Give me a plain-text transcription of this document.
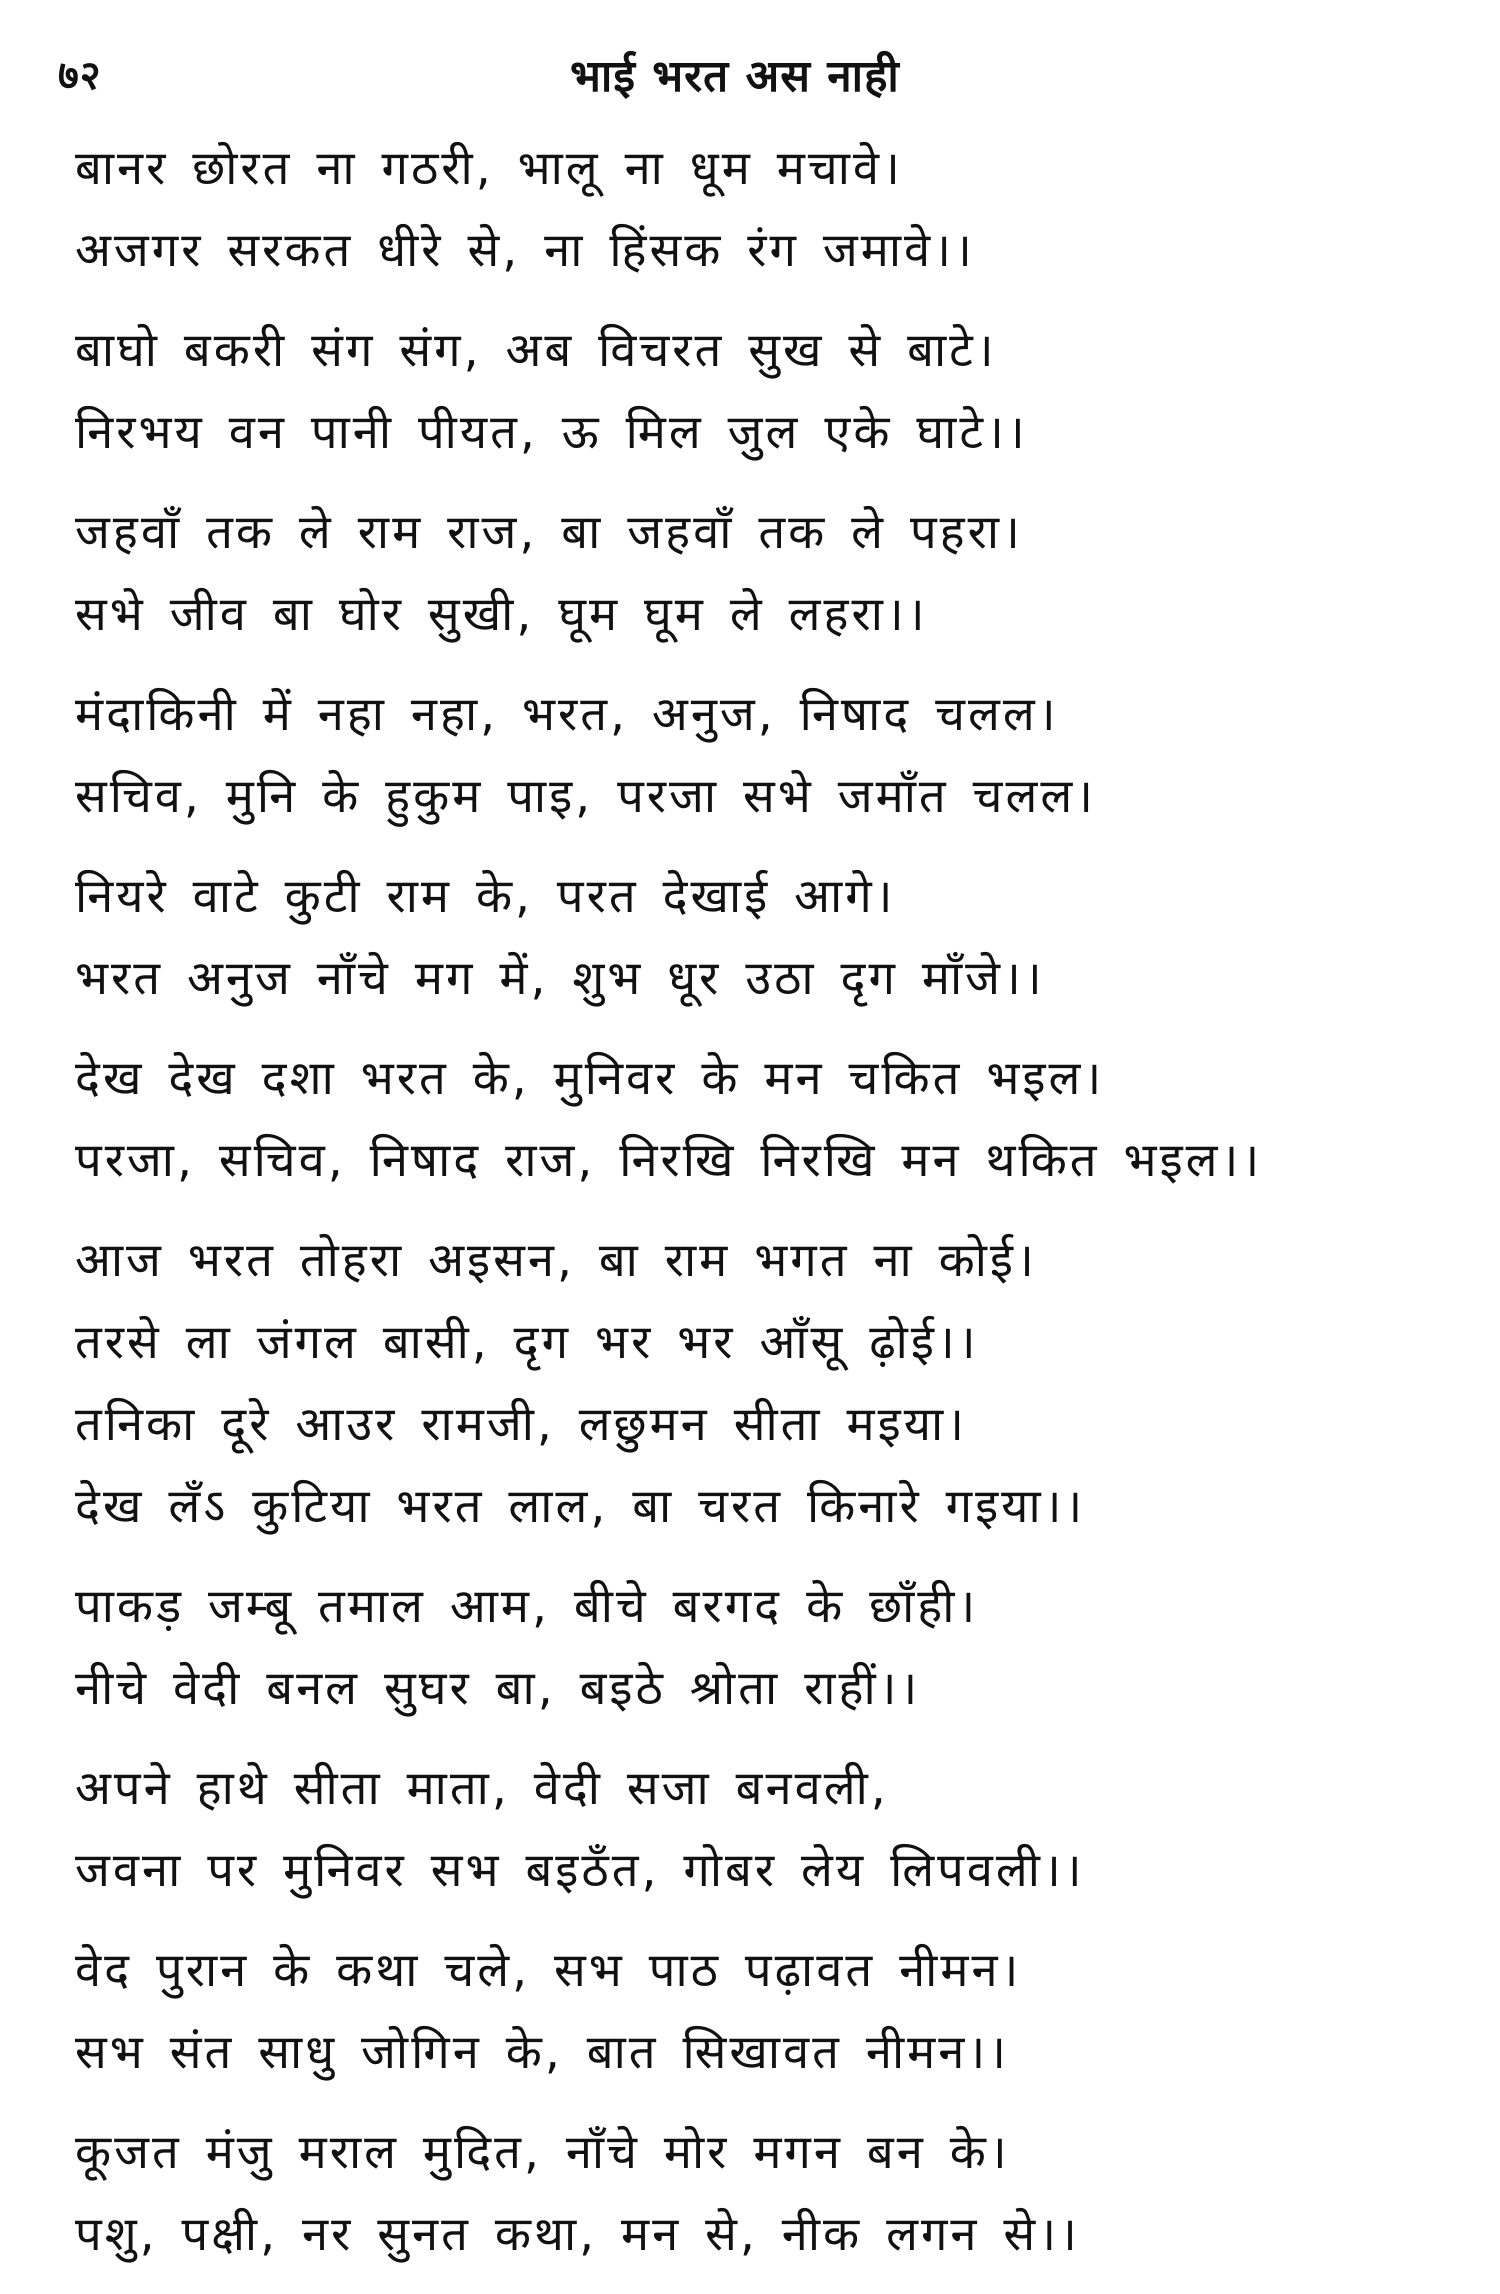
७२	भाई भरत अस नाही
बानर छोरत ना गठरी, भालू ना धूम मचावे।
अजगर सरकत धीरे से, ना हिंसक रंग जमावे।।
बाघो बकरी संग संग, अब विचरत सुख से बाटे।
निरभय वन पानी पीयत, ऊ मिल जुल एके घाटे।।
जहवाँ तक ले राम राज, बा जहवाँ तक ले पहरा।
सभे जीव बा घोर सुखी, घूम घूम ले लहरा।।
मंदाकिनी में नहा नहा, भरत, अनुज, निषाद चलल।
सचिव, मुनि के हुकुम पाइ, परजा सभे जमाँत चलल।
नियरे वाटे कुटी राम के, परत देखाई आगे।
भरत अनुज नाँचे मग में, शुभ धूर उठा दृग माँजे।।
देख देख दशा भरत के, मुनिवर के मन चकित भइल।
परजा, सचिव, निषाद राज, निरखि निरखि मन थकित भइल।।
आज भरत तोहरा अइसन, बा राम भगत ना कोई।
तरसे ला जंगल बासी, दृग भर भर आँसू ढ़ोई।।
तनिका दूरे आउर रामजी, लछुमन सीता मइया।
देख लँऽ कुटिया भरत लाल, बा चरत किनारे गइया।।
पाकड़ जम्बू तमाल आम, बीचे बरगद के छाँही।
नीचे वेदी बनल सुघर बा, बइठे श्रोता राहीं।।
अपने हाथे सीता माता, वेदी सजा बनवली,
जवना पर मुनिवर सभ बइठँत, गोबर लेय लिपवली।।
वेद पुरान के कथा चले, सभ पाठ पढ़ावत नीमन।
सभ संत साधु जोगिन के, बात सिखावत नीमन।।
कूजत मंजु मराल मुदित, नाँचे मोर मगन बन के।
पशु, पक्षी, नर सुनत कथा, मन से, नीक लगन से।।
